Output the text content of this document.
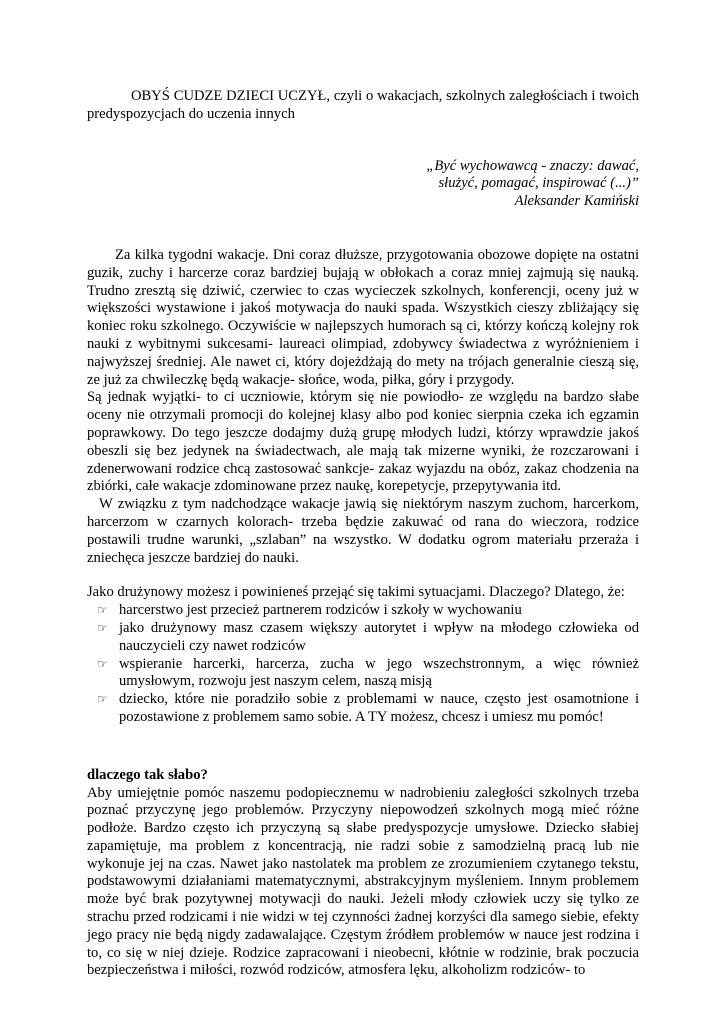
OBYŚ CUDZE DZIECI UCZYŁ, czyli o wakacjach, szkolnych zaległościach i twoich predyspozycjach do uczenia innych

„Być wychowawcą - znaczy: dawać,
służyć, pomagać, inspirować (...)”
Aleksander Kamiński

Za kilka tygodni wakacje. Dni coraz dłuższe, przygotowania obozowe dopięte na ostatni guzik, zuchy i harcerze coraz bardziej bujają w obłokach a coraz mniej zajmują się nauką. Trudno zresztą się dziwić, czerwiec to czas wycieczek szkolnych, konferencji, oceny już w większości wystawione i jakoś motywacja do nauki spada. Wszystkich cieszy zbliżający się koniec roku szkolnego. Oczywiście w najlepszych humorach są ci, którzy kończą kolejny rok nauki z wybitnymi sukcesami- laureaci olimpiad, zdobywcy świadectwa z wyróżnieniem i najwyższej średniej. Ale nawet ci, który dojeżdżają do mety na trójach generalnie cieszą się, ze już za chwileczkę będą wakacje- słońce, woda, piłka, góry i przygody.

Są jednak wyjątki- to ci uczniowie, którym się nie powiodło- ze względu na bardzo słabe oceny nie otrzymali promocji do kolejnej klasy albo pod koniec sierpnia czeka ich egzamin poprawkowy. Do tego jeszcze dodajmy dużą grupę młodych ludzi, którzy wprawdzie jakoś obeszli się bez jedynek na świadectwach, ale mają tak mizerne wyniki, że rozczarowani i zdenerwowani rodzice chcą zastosować sankcje- zakaz wyjazdu na obóz, zakaz chodzenia na zbiórki, całe wakacje zdominowane przez naukę, korepetycje, przepytywania itd.

W związku z tym nadchodzące wakacje jawią się niektórym naszym zuchom, harcerkom, harcerzom w czarnych kolorach- trzeba będzie zakuwać od rana do wieczora, rodzice postawili trudne warunki, „szlaban” na wszystko. W dodatku ogrom materiału przeraża i zniechęca jeszcze bardziej do nauki.

Jako drużynowy możesz i powinieneś przejąć się takimi sytuacjami. Dlaczego? Dlatego, że:

☞ harcerstwo jest przecież partnerem rodziców i szkoły w wychowaniu
☞ jako drużynowy masz czasem większy autorytet i wpływ na młodego człowieka od nauczycieli czy nawet rodziców
☞ wspieranie harcerki, harcerza, zucha w jego wszechstronnym, a więc również umysłowym, rozwoju jest naszym celem, naszą misją
☞ dziecko, które nie poradziło sobie z problemami w nauce, często jest osamotnione i pozostawione z problemem samo sobie. A TY możesz, chcesz i umiesz mu pomóc!

dlaczego tak słabo?

Aby umiejętnie pomóc naszemu podopiecznemu w nadrobieniu zaległości szkolnych trzeba poznać przyczynę jego problemów. Przyczyny niepowodzeń szkolnych mogą mieć różne podłoże. Bardzo często ich przyczyną są słabe predyspozycje umysłowe. Dziecko słabiej zapamiętuje, ma problem z koncentracją, nie radzi sobie z samodzielną pracą lub nie wykonuje jej na czas. Nawet jako nastolatek ma problem ze zrozumieniem czytanego tekstu, podstawowymi działaniami matematycznymi, abstrakcyjnym myśleniem. Innym problemem może być brak pozytywnej motywacji do nauki. Jeżeli młody człowiek uczy się tylko ze strachu przed rodzicami i nie widzi w tej czynności żadnej korzyści dla samego siebie, efekty jego pracy nie będą nigdy zadawalające. Częstym źródłem problemów w nauce jest rodzina i to, co się w niej dzieje. Rodzice zapracowani i nieobecni, kłótnie w rodzinie, brak poczucia bezpieczeństwa i miłości, rozwód rodziców, atmosfera lęku, alkoholizm rodziców- to
